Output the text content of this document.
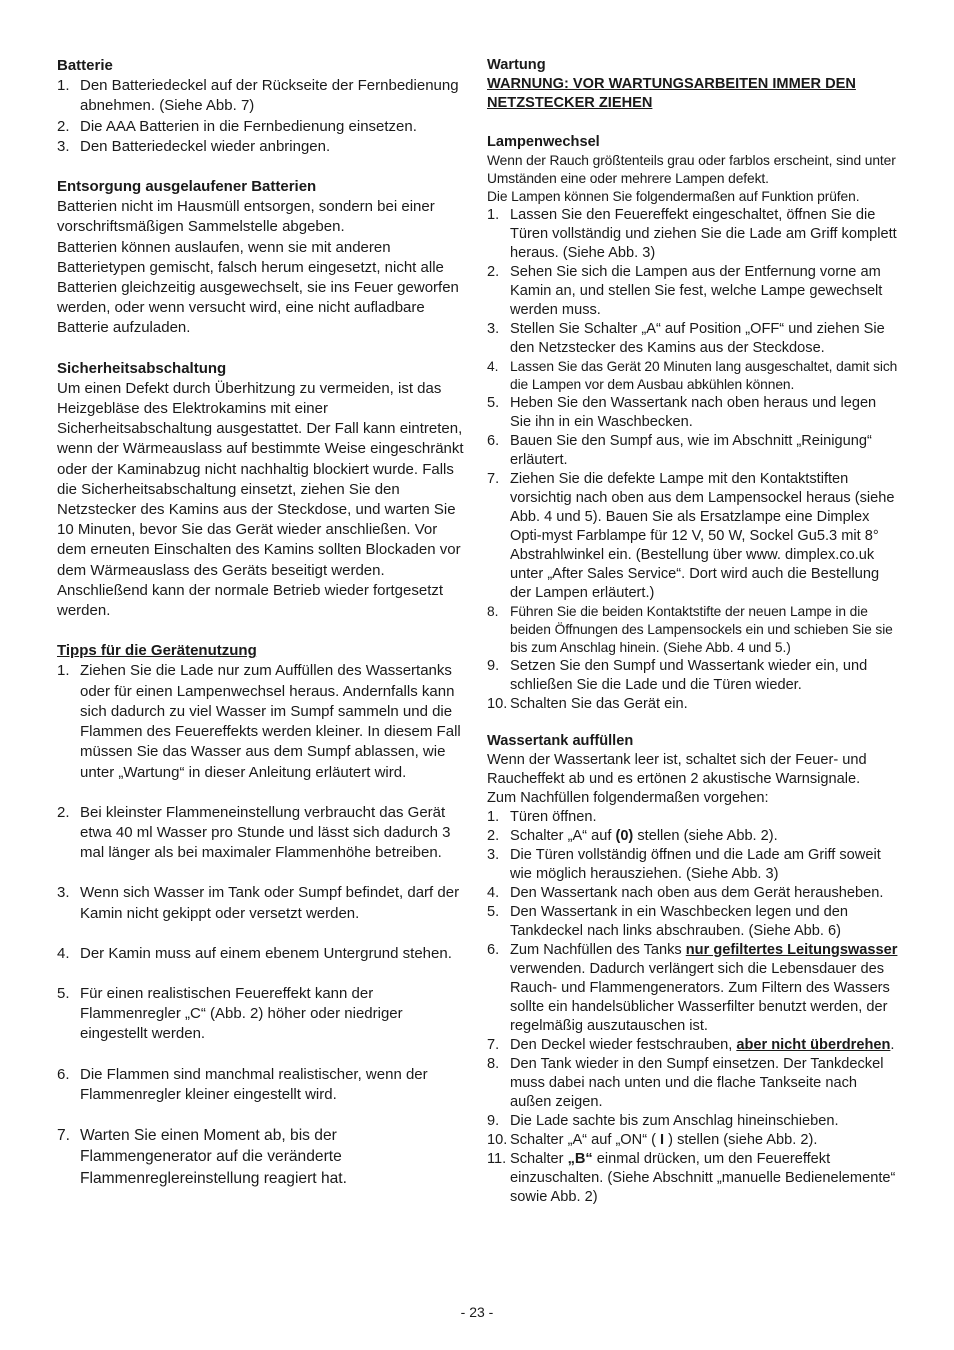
Batterie
1. Den Batteriedeckel auf der Rückseite der Fernbedienung abnehmen. (Siehe Abb. 7)
2. Die AAA Batterien in die Fernbedienung einsetzen.
3. Den Batteriedeckel wieder anbringen.
Entsorgung ausgelaufener Batterien

Batterien nicht im Hausmüll entsorgen, sondern bei einer vorschriftsmäßigen Sammelstelle abgeben.

Batterien können auslaufen, wenn sie mit anderen Batterietypen gemischt, falsch herum eingesetzt, nicht alle Batterien gleichzeitig ausgewechselt, sie ins Feuer geworfen werden, oder wenn versucht wird, eine nicht aufladbare Batterie aufzuladen.

Sicherheitsabschaltung

Um einen Defekt durch Überhitzung zu vermeiden, ist das Heizgebläse des Elektrokamins mit einer Sicherheitsabschaltung ausgestattet. Der Fall kann eintreten, wenn der Wärmeauslass auf bestimmte Weise eingeschränkt oder der Kaminabzug nicht nachhaltig blockiert wurde. Falls die Sicherheitsabschaltung einsetzt, ziehen Sie den Netzstecker des Kamins aus der Steckdose, und warten Sie 10 Minuten, bevor Sie das Gerät wieder anschließen. Vor dem erneuten Einschalten des Kamins sollten Blockaden vor dem Wärmeauslass des Geräts beseitigt werden. Anschließend kann der normale Betrieb wieder fortgesetzt werden.

Tipps für die Gerätenutzung
1. Ziehen Sie die Lade nur zum Auffüllen des Wassertanks oder für einen Lampenwechsel heraus. Andernfalls kann sich dadurch zu viel Wasser im Sumpf sammeln und die Flammen des Feuereffekts werden kleiner. In diesem Fall müssen Sie das Wasser aus dem Sumpf ablassen, wie unter „Wartung“ in dieser Anleitung erläutert wird.
2. Bei kleinster Flammeneinstellung verbraucht das Gerät etwa 40 ml Wasser pro Stunde und lässt sich dadurch 3 mal länger als bei maximaler Flammenhöhe betreiben.
3. Wenn sich Wasser im Tank oder Sumpf befindet, darf der Kamin nicht gekippt oder versetzt werden.
4. Der Kamin muss auf einem ebenem Untergrund stehen.
5. Für einen realistischen Feuereffekt kann der Flammenregler „C“ (Abb. 2) höher oder niedriger eingestellt werden.
6. Die Flammen sind manchmal realistischer, wenn der Flammenregler kleiner eingestellt wird.
7. Warten Sie einen Moment ab, bis der Flammengenerator auf die veränderte Flammenreglereinstellung reagiert hat.
Wartung
WARNUNG: VOR WARTUNGSARBEITEN IMMER DEN NETZSTECKER ZIEHEN
Lampenwechsel

Wenn der Rauch größtenteils grau oder farblos erscheint, sind unter Umständen eine oder mehrere Lampen defekt.

Die Lampen können Sie folgendermaßen auf Funktion prüfen.

1. Lassen Sie den Feuereffekt eingeschaltet, öffnen Sie die Türen vollständig und ziehen Sie die Lade am Griff komplett heraus. (Siehe Abb. 3)
2. Sehen Sie sich die Lampen aus der Entfernung vorne am Kamin an, und stellen Sie fest, welche Lampe gewechselt werden muss.
3. Stellen Sie Schalter „A“ auf Position „OFF“ und ziehen Sie den Netzstecker des Kamins aus der Steckdose.
4. Lassen Sie das Gerät 20 Minuten lang ausgeschaltet, damit sich die Lampen vor dem Ausbau abkühlen können.
5. Heben Sie den Wassertank nach oben heraus und legen Sie ihn in ein Waschbecken.
6. Bauen Sie den Sumpf aus, wie im Abschnitt „Reinigung“ erläutert.
7. Ziehen Sie die defekte Lampe mit den Kontaktstiften vorsichtig nach oben aus dem Lampensockel heraus (siehe Abb. 4 und 5). Bauen Sie als Ersatzlampe eine Dimplex Opti-myst Farblampe für 12 V, 50 W, Sockel Gu5.3 mit 8° Abstrahlwinkel ein. (Bestellung über www. dimplex.co.uk unter „After Sales Service“. Dort wird auch die Bestellung der Lampen erläutert.)
8. Führen Sie die beiden Kontaktstifte der neuen Lampe in die beiden Öffnungen des Lampensockels ein und schieben Sie sie bis zum Anschlag hinein. (Siehe Abb. 4 und 5.)
9. Setzen Sie den Sumpf und Wassertank wieder ein, und schließen Sie die Lade und die Türen wieder.
10. Schalten Sie das Gerät ein.
Wassertank auffüllen

Wenn der Wassertank leer ist, schaltet sich der Feuer- und Raucheffekt ab und es ertönen 2 akustische Warnsignale.

Zum Nachfüllen folgendermaßen vorgehen:

1. Türen öffnen.
2. Schalter „A“ auf (0) stellen (siehe Abb. 2).
3. Die Türen vollständig öffnen und die Lade am Griff soweit wie möglich herausziehen. (Siehe Abb. 3)
4. Den Wassertank nach oben aus dem Gerät herausheben.
5. Den Wassertank in ein Waschbecken legen und den Tankdeckel nach links abschrauben. (Siehe Abb. 6)
6. Zum Nachfüllen des Tanks nur gefiltertes Leitungswasser verwenden. Dadurch verlängert sich die Lebensdauer des Rauch- und Flammengenerators. Zum Filtern des Wassers sollte ein handelsüblicher Wasserfilter benutzt werden, der regelmäßig auszutauschen ist.
7. Den Deckel wieder festschrauben, aber nicht überdrehen.
8. Den Tank wieder in den Sumpf einsetzen. Der Tankdeckel muss dabei nach unten und die flache Tankseite nach außen zeigen.
9. Die Lade sachte bis zum Anschlag hineinschieben.
10. Schalter „A“ auf „ON“ ( I ) stellen (siehe Abb. 2).
11. Schalter „B“ einmal drücken, um den Feuereffekt einzuschalten. (Siehe Abschnitt „manuelle Bedienelemente“ sowie Abb. 2)
- 23 -
